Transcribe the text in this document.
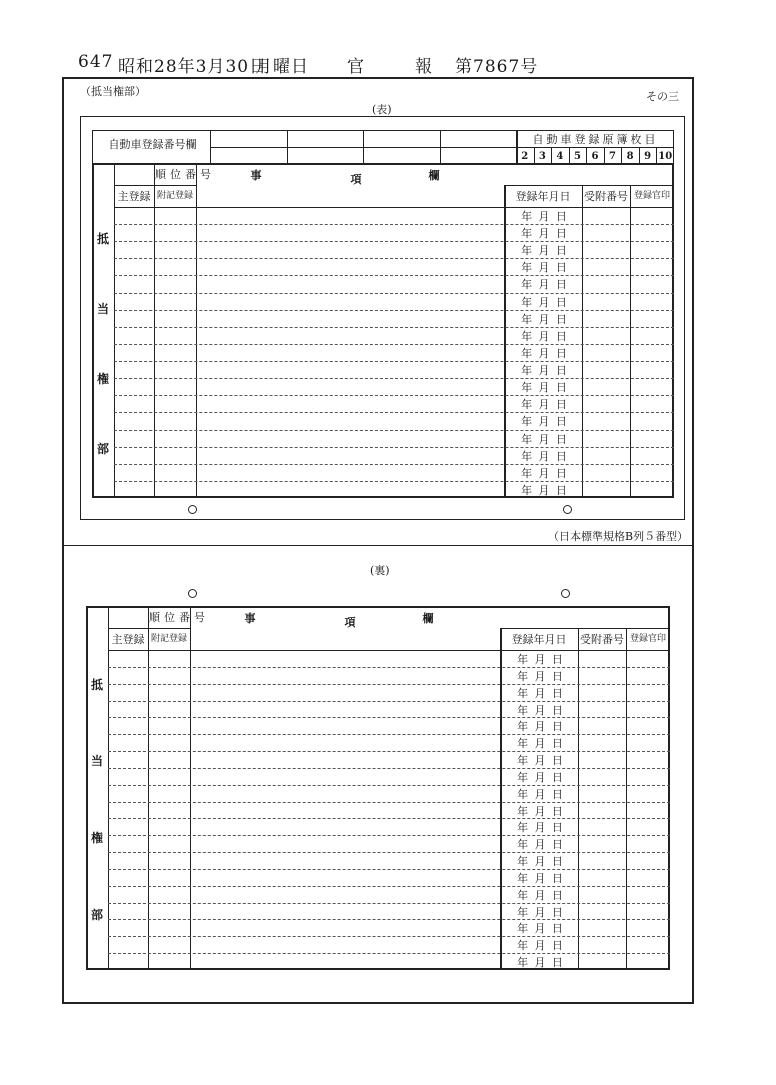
647 昭和28年3月30日
月曜日 官	報 第7867号
（抵当権部）	その三
(表)
自動車登録番号欄	自動車登録原簿枚目
2	3	4	5	6	7	8	9 10
順位番号
主登録 附記登録
事	項	欄
登録年月日	受附番号 登録官印
年 月 日
年 月 日
年 月 日
年 月 日
年 月 日
年 月 日
年 月 日
年 月 日
年 月 日
年 月 日
年 月 日
年 月 日
年 月 日
年 月 日
年 月 日
年 月 日
年 月 日
抵
当
権
部
（日本標準規格B列５番型）
(裏)
順位番号
主登録 附記登録
事	項	欄
登録年月日	受附番号 登録官印
年 月 日
年 月 日
年 月 日
年 月 日
年 月 日
年 月 日
年 月 日
年 月 日
年 月 日
年 月 日
年 月 日
年 月 日
年 月 日
年 月 日
年 月 日
年 月 日
年 月 日
年 月 日
年 月 日
抵
当
権
部
